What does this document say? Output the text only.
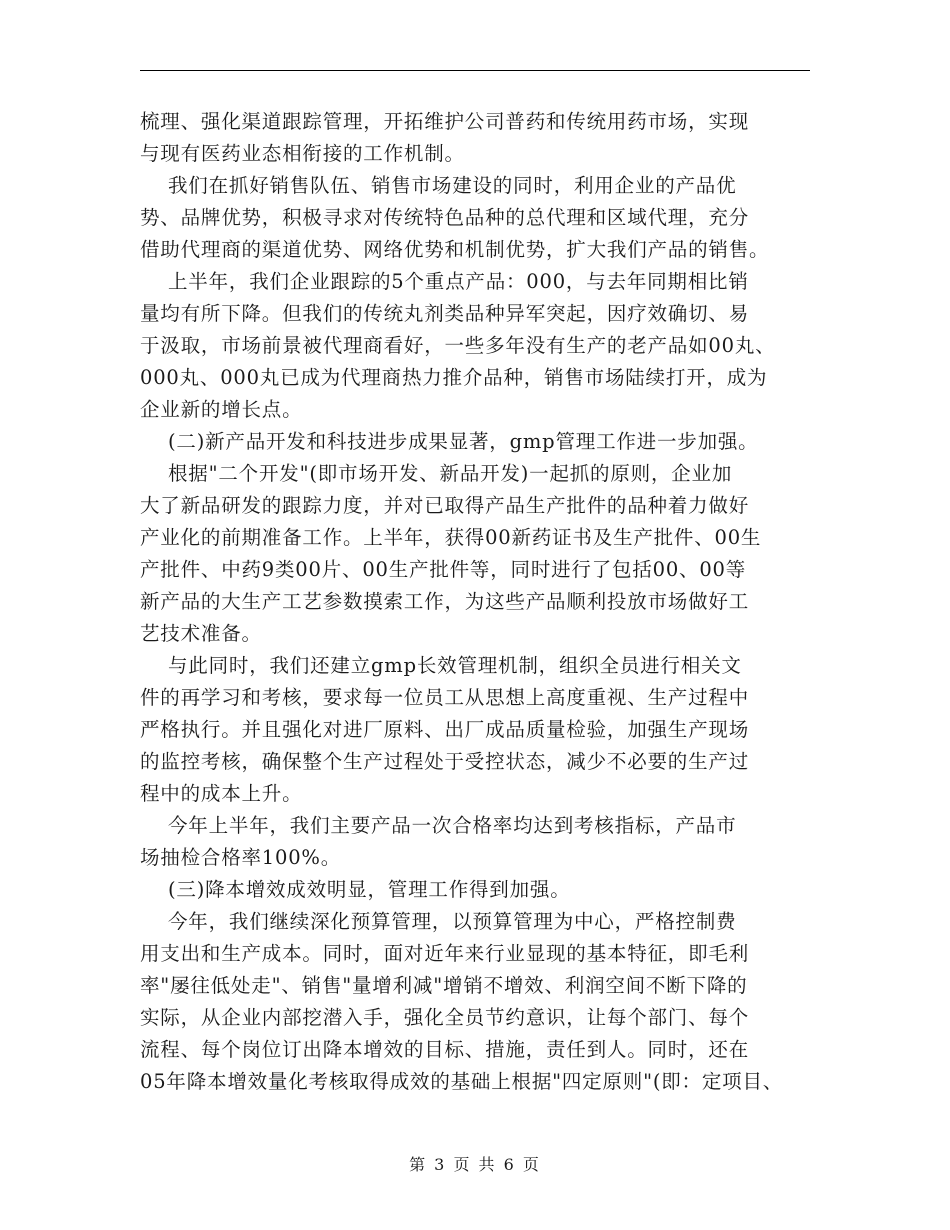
梳理、强化渠道跟踪管理，开拓维护公司普药和传统用药市场，实现
与现有医药业态相衔接的工作机制。
我们在抓好销售队伍、销售市场建设的同时，利用企业的产品优
势、品牌优势，积极寻求对传统特色品种的总代理和区域代理，充分
借助代理商的渠道优势、网络优势和机制优势，扩大我们产品的销售。
上半年，我们企业跟踪的5个重点产品：000，与去年同期相比销
量均有所下降。但我们的传统丸剂类品种异军突起，因疗效确切、易
于汲取，市场前景被代理商看好，一些多年没有生产的老产品如00丸、
000丸、000丸已成为代理商热力推介品种，销售市场陆续打开，成为
企业新的增长点。
(二)新产品开发和科技进步成果显著，gmp管理工作进一步加强。
根据"二个开发"(即市场开发、新品开发)一起抓的原则，企业加
大了新品研发的跟踪力度，并对已取得产品生产批件的品种着力做好
产业化的前期准备工作。上半年，获得00新药证书及生产批件、00生
产批件、中药9类00片、00生产批件等，同时进行了包括00、00等
新产品的大生产工艺参数摸索工作，为这些产品顺利投放市场做好工
艺技术准备。
与此同时，我们还建立gmp长效管理机制，组织全员进行相关文
件的再学习和考核，要求每一位员工从思想上高度重视、生产过程中
严格执行。并且强化对进厂原料、出厂成品质量检验，加强生产现场
的监控考核，确保整个生产过程处于受控状态，减少不必要的生产过
程中的成本上升。
今年上半年，我们主要产品一次合格率均达到考核指标，产品市
场抽检合格率100%。
(三)降本增效成效明显，管理工作得到加强。
今年，我们继续深化预算管理，以预算管理为中心，严格控制费
用支出和生产成本。同时，面对近年来行业显现的基本特征，即毛利
率"屡往低处走"、销售"量增利减"增销不增效、利润空间不断下降的
实际，从企业内部挖潜入手，强化全员节约意识，让每个部门、每个
流程、每个岗位订出降本增效的目标、措施，责任到人。同时，还在
05年降本增效量化考核取得成效的基础上根据"四定原则"(即：定项目、
第 3 页 共 6 页
